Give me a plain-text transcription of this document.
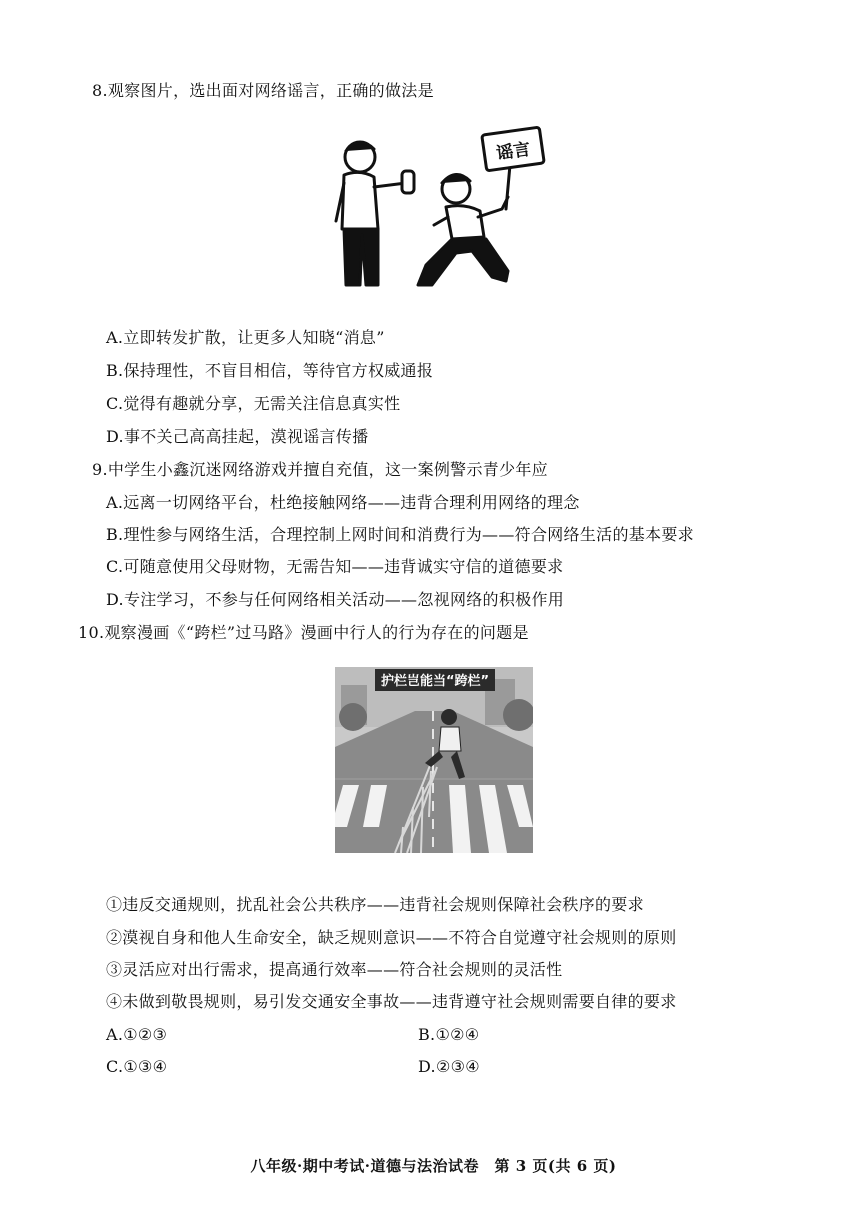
8.观察图片，选出面对网络谣言，正确的做法是
谣言
A.立即转发扩散，让更多人知晓“消息”
B.保持理性，不盲目相信，等待官方权威通报
C.觉得有趣就分享，无需关注信息真实性
D.事不关己高高挂起，漠视谣言传播
9.中学生小鑫沉迷网络游戏并擅自充值，这一案例警示青少年应
A.远离一切网络平台，杜绝接触网络——违背合理利用网络的理念
B.理性参与网络生活，合理控制上网时间和消费行为——符合网络生活的基本要求
C.可随意使用父母财物，无需告知——违背诚实守信的道德要求
D.专注学习，不参与任何网络相关活动——忽视网络的积极作用
10.观察漫画《“跨栏”过马路》漫画中行人的行为存在的问题是
护栏岂能当“跨栏”
①违反交通规则，扰乱社会公共秩序——违背社会规则保障社会秩序的要求
②漠视自身和他人生命安全，缺乏规则意识——不符合自觉遵守社会规则的原则
③灵活应对出行需求，提高通行效率——符合社会规则的灵活性
④未做到敬畏规则，易引发交通安全事故——违背遵守社会规则需要自律的要求
A.①②③	B.①②④
C.①③④	D.②③④
八年级·期中考试·道德与法治试卷　第 3 页(共 6 页)
